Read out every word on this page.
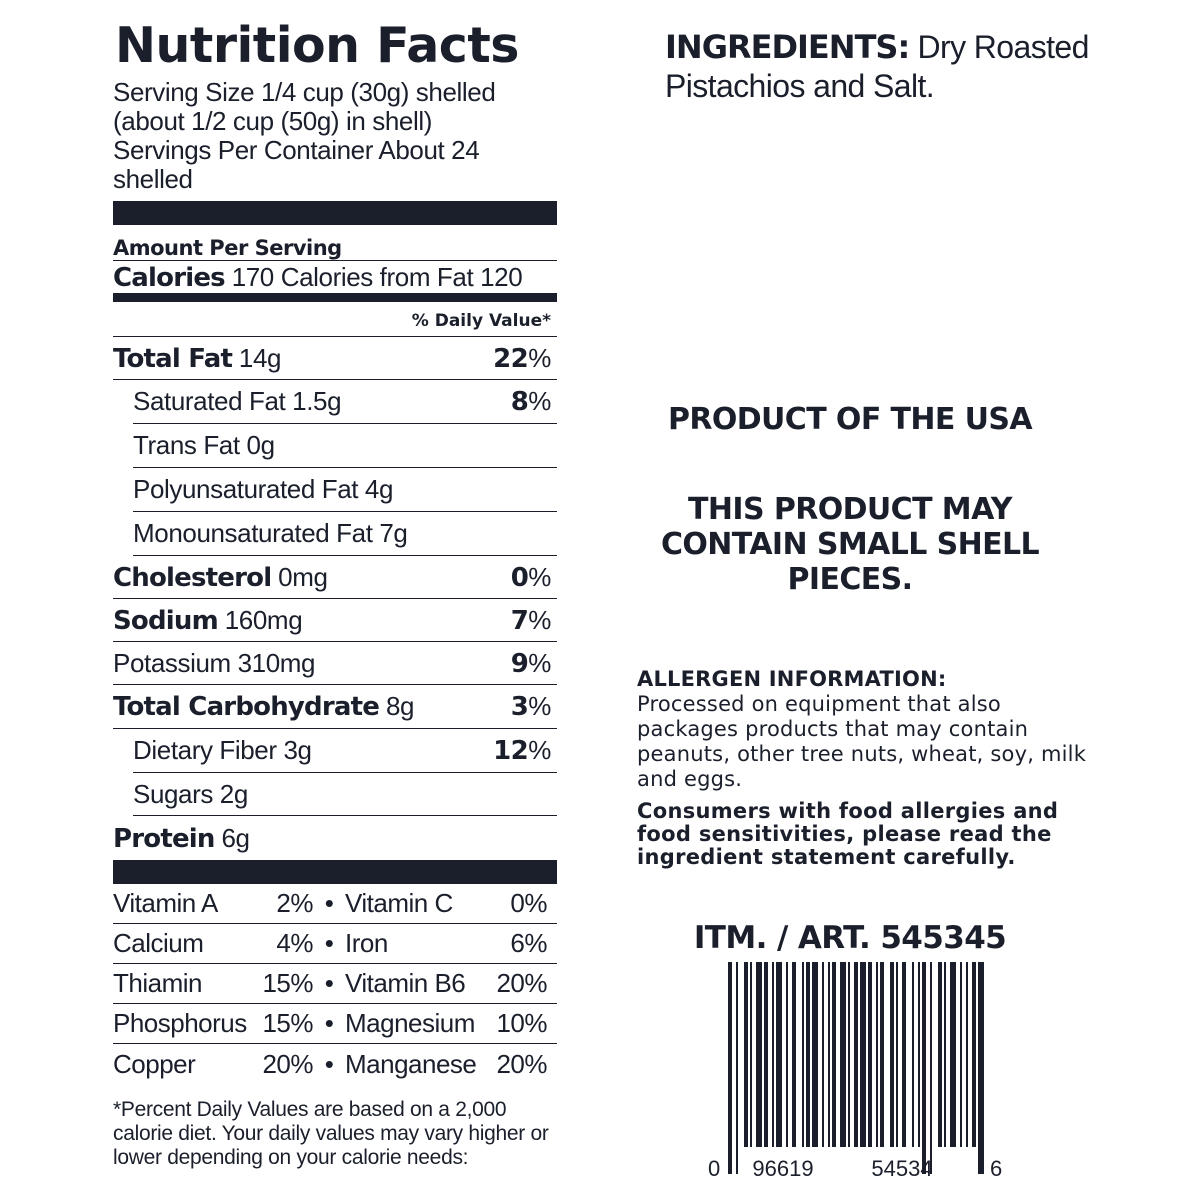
Nutrition Facts
Serving Size 1/4 cup (30g) shelled (about 1/2 cup (50g) in shell)
Servings Per Container About 24 shelled
Amount Per Serving
Calories 170 Calories from Fat 120
% Daily Value*
Total Fat 14g	22%
Saturated Fat 1.5g	8%
Trans Fat 0g
Polyunsaturated Fat 4g
Monounsaturated Fat 7g
Cholesterol 0mg	0%
Sodium 160mg	7%
Potassium 310mg	9%
Total Carbohydrate 8g	3%
Dietary Fiber 3g	12%
Sugars 2g
Protein 6g
Vitamin A	2% • Vitamin C	0%
Calcium	4% • Iron	6%
Thiamin	15% • Vitamin B6	20%
Phosphorus 15% • Magnesium 10%
Copper	20% • Manganese 20%
*Percent Daily Values are based on a 2,000 calorie diet. Your daily values may vary higher or lower depending on your calorie needs:
INGREDIENTS: Dry Roasted Pistachios and Salt.
PRODUCT OF THE USA
THIS PRODUCT MAY CONTAIN SMALL SHELL PIECES.
ALLERGEN INFORMATION:
Processed on equipment that also packages products that may contain peanuts, other tree nuts, wheat, soy, milk and eggs.
Consumers with food allergies and food sensitivities, please read the ingredient statement carefully.
ITM. / ART. 545345
0 96619	54534	6
